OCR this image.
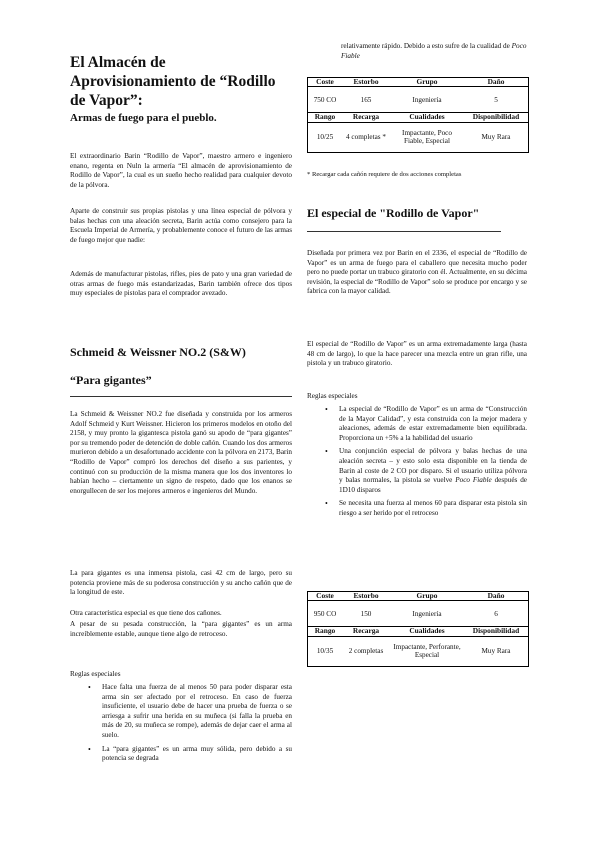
El Almacén de Aprovisionamiento de “Rodillo de Vapor”:
Armas de fuego para el pueblo.

El extraordinario Barin “Rodillo de Vapor”, maestro armero e ingeniero enano, regenta en Nuln la armería “El almacén de aprovisionamiento de Rodillo de Vapor”, la cual es un sueño hecho realidad para cualquier devoto de la pólvora.

Aparte de construir sus propias pistolas y una línea especial de pólvora y balas hechas con una aleación secreta, Barin actúa como consejero para la Escuela Imperial de Armería, y probablemente conoce el futuro de las armas de fuego mejor que nadie:

Además de manufacturar pistolas, rifles, pies de pato y una gran variedad de otras armas de fuego más estandarizadas, Barin también ofrece dos tipos muy especiales de pistolas para el comprador avezado.

Schmeid & Weissner NO.2 (S&W)
“Para gigantes”

La Schmeid & Weissner NO.2 fue diseñada y construida por los armeros Adolf Schmeid y Kurt Weissner. Hicieron los primeros modelos en otoño del 2158, y muy pronto la gigantesca pistola ganó su apodo de “para gigantes” por su tremendo poder de detención de doble cañón. Cuando los dos armeros murieron debido a un desafortunado accidente con la pólvora en 2173, Barin “Rodillo de Vapor” compró los derechos del diseño a sus parientes, y continuó con su producción de la misma manera que los dos inventores lo habían hecho – ciertamente un signo de respeto, dado que los enanos se enorgullecen de ser los mejores armeros e ingenieros del Mundo.

La para gigantes es una inmensa pistola, casi 42 cm de largo, pero su potencia proviene más de su poderosa construcción y su ancho cañón que de la longitud de este.

Otra característica especial es que tiene dos cañones.

A pesar de su pesada construcción, la “para gigantes” es un arma increíblemente estable, aunque tiene algo de retroceso.

Reglas especiales
• Hace falta una fuerza de al menos 50 para poder disparar esta arma sin ser afectado por el retroceso. En caso de fuerza insuficiente, el usuario debe de hacer una prueba de fuerza o se arriesga a sufrir una herida en su muñeca (si falla la prueba en más de 20, su muñeca se rompe), además de dejar caer el arma al suelo.
• La “para gigantes” es un arma muy sólida, pero debido a su potencia se degrada

relativamente rápido. Debido a esto sufre de la cualidad de Poco Fiable

Coste	Estorbo	Grupo	Daño
750 CO	165	Ingeniería	5
Rango	Recarga	Cualidades	Disponibilidad
10/25	4 completas *	Impactante, Poco Fiable, Especial	Muy Rara
* Recargar cada cañón requiere de dos acciones completas
El especial de "Rodillo de Vapor"

Diseñada por primera vez por Barin en el 2336, el especial de “Rodillo de Vapor” es un arma de fuego para el caballero que necesita mucho poder pero no puede portar un trabuco giratorio con él. Actualmente, en su décima revisión, la especial de “Rodillo de Vapor” solo se produce por encargo y se fabrica con la mayor calidad.

El especial de “Rodillo de Vapor” es un arma extremadamente larga (hasta 48 cm de largo), lo que la hace parecer una mezcla entre un gran rifle, una pistola y un trabuco giratorio.

Reglas especiales
• La especial de “Rodillo de Vapor” es un arma de “Construcción de la Mayor Calidad”, y esta construida con la mejor madera y aleaciones, además de estar extremadamente bien equilibrada. Proporciona un +5% a la habilidad del usuario
• Una conjunción especial de pólvora y balas hechas de una aleación secreta – y esto solo esta disponible en la tienda de Barin al coste de 2 CO por disparo. Si el usuario utiliza pólvora y balas normales, la pistola se vuelve Poco Fiable después de 1D10 disparos
• Se necesita una fuerza al menos 60 para disparar esta pistola sin riesgo a ser herido por el retroceso
Coste	Estorbo	Grupo	Daño
950 CO	150	Ingeniería	6
Rango	Recarga	Cualidades	Disponibilidad
10/35	2 completas	Impactante, Perforante, Especial	Muy Rara
